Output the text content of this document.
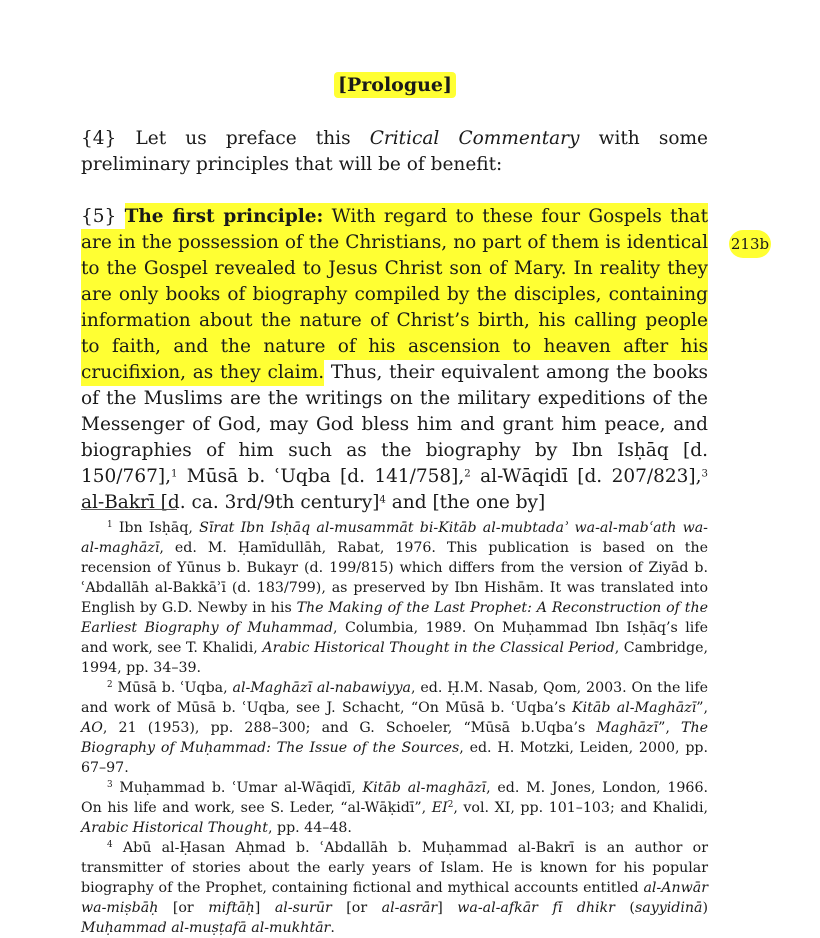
[Prologue]

{4} Let us preface this Critical Commentary with some preliminary principles that will be of benefit:

{5} The first principle: With regard to these four Gospels that are in the possession of the Christians, no part of them is identical to the Gospel revealed to Jesus Christ son of Mary. In reality they are only books of biography compiled by the disciples, containing information about the nature of Christ’s birth, his calling people to faith, and the nature of his ascension to heaven after his crucifixion, as they claim. Thus, their equivalent among the books of the Muslims are the writings on the military expeditions of the Messenger of God, may God bless him and grant him peace, and biographies of him such as the biography by Ibn Isḥāq [d. 150/767],$^1$ Mūsā b. ʿUqba [d. 141/758],$^2$ al-Wāqidī [d. 207/823],$^3$ al-Bakrī [d. ca. 3rd/9th century]$^4$ and [the one by]

213b

$^1$ Ibn Isḥāq, Sīrat Ibn Isḥāq al-musammāt bi-Kitāb al-mubtadaʾ wa-al-mabʿath wa-al-maghāzī, ed. M. Ḥamīdullāh, Rabat, 1976. This publication is based on the recension of Yūnus b. Bukayr (d. 199/815) which differs from the version of Ziyād b. ʿAbdallāh al-Bakkāʾī (d. 183/799), as preserved by Ibn Hishām. It was translated into English by G.D. Newby in his The Making of the Last Prophet: A Reconstruction of the Earliest Biography of Muhammad, Columbia, 1989. On Muḥammad Ibn Isḥāq’s life and work, see T. Khalidi, Arabic Historical Thought in the Classical Period, Cambridge, 1994, pp. 34–39.

$^2$ Mūsā b. ʿUqba, al-Maghāzī al-nabawiyya, ed. Ḥ.M. Nasab, Qom, 2003. On the life and work of Mūsā b. ʿUqba, see J. Schacht, “On Mūsā b. ʿUqba’s Kitāb al-Maghāzī”, AO, 21 (1953), pp. 288–300; and G. Schoeler, “Mūsā b.Uqba’s Maghāzī”, The Biography of Muḥammad: The Issue of the Sources, ed. H. Motzki, Leiden, 2000, pp. 67–97.

$^3$ Muḥammad b. ʿUmar al-Wāqidī, Kitāb al-maghāzī, ed. M. Jones, London, 1966. On his life and work, see S. Leder, “al-Wāḳidī”, $EI^2$, vol. XI, pp. 101–103; and Khalidi, Arabic Historical Thought, pp. 44–48.

$^4$ Abū al-Ḥasan Aḥmad b. ʿAbdallāh b. Muḥammad al-Bakrī is an author or transmitter of stories about the early years of Islam. He is known for his popular biography of the Prophet, containing fictional and mythical accounts entitled al-Anwār wa-miṣbāḥ [or miftāḥ] al-surūr [or al-asrār] wa-al-afkār fī dhikr (sayyidinā) Muḥammad al-muṣṭafā al-mukhtār.
